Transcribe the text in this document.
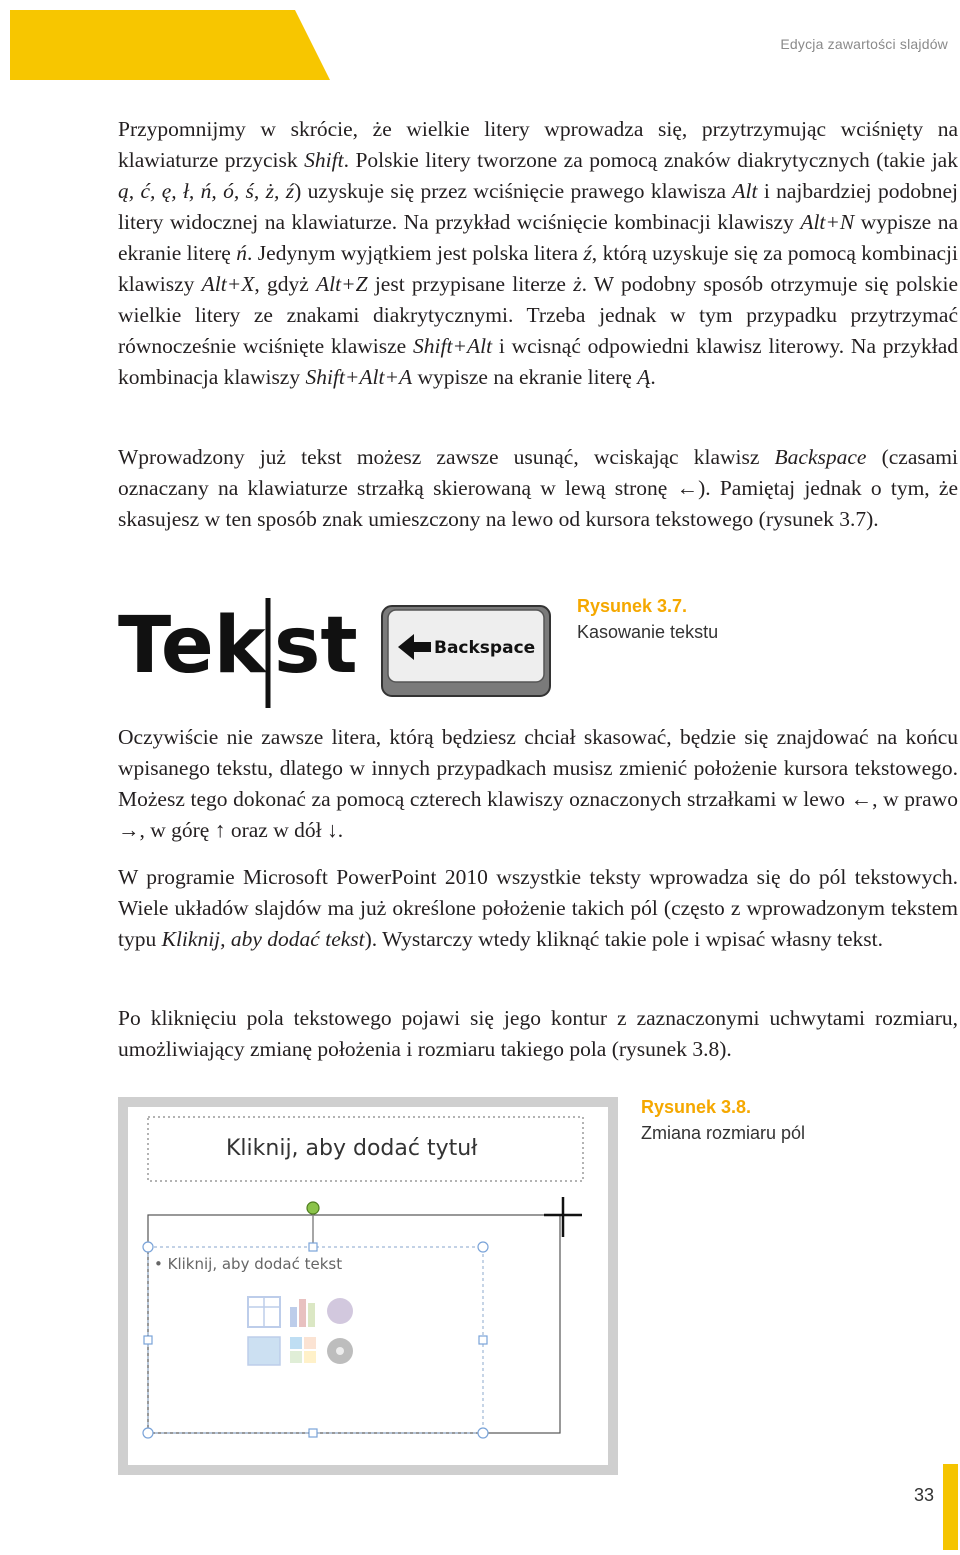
Edycja zawartości slajdów

Przypomnijmy w skrócie, że wielkie litery wprowadza się, przytrzymując wciśnięty na klawiaturze przycisk Shift. Polskie litery tworzone za pomocą znaków diakrytycznych (takie jak ą, ć, ę, ł, ń, ó, ś, ż, ź) uzyskuje się przez wciśnięcie prawego klawisza Alt i najbardziej podobnej litery widocznej na klawiaturze. Na przykład wciśnięcie kombinacji klawiszy Alt+N wypisze na ekranie literę ń. Jedynym wyjątkiem jest polska litera ź, którą uzyskuje się za pomocą kombinacji klawiszy Alt+X, gdyż Alt+Z jest przypisane literze ż. W podobny sposób otrzymuje się polskie wielkie litery ze znakami diakrytycznymi. Trzeba jednak w tym przypadku przytrzymać równocześnie wciśnięte klawisze Shift+Alt i wcisnąć odpowiedni klawisz literowy. Na przykład kombinacja klawiszy Shift+Alt+A wypisze na ekranie literę Ą.

Wprowadzony już tekst możesz zawsze usunąć, wciskając klawisz Backspace (czasami oznaczany na klawiaturze strzałką skierowaną w lewą stronę ←). Pamiętaj jednak o tym, że skasujesz w ten sposób znak umieszczony na lewo od kursora tekstowego (rysunek 3.7).

Tek st	Backspace
Rysunek 3.7.
Kasowanie tekstu

Oczywiście nie zawsze litera, którą będziesz chciał skasować, będzie się znajdować na końcu wpisanego tekstu, dlatego w innych przypadkach musisz zmienić położenie kursora tekstowego. Możesz tego dokonać za pomocą czterech klawiszy oznaczonych strzałkami w lewo ←, w prawo →, w górę ↑ oraz w dół ↓.

W programie Microsoft PowerPoint 2010 wszystkie teksty wprowadza się do pól tekstowych. Wiele układów slajdów ma już określone położenie takich pól (często z wprowadzonym tekstem typu Kliknij, aby dodać tekst). Wystarczy wtedy kliknąć takie pole i wpisać własny tekst.

Po kliknięciu pola tekstowego pojawi się jego kontur z zaznaczonymi uchwytami rozmiaru, umożliwiający zmianę położenia i rozmiaru takiego pola (rysunek 3.8).

Kliknij, aby dodać tytuł
• Kliknij, aby dodać tekst
Rysunek 3.8.
Zmiana rozmiaru pól
33
